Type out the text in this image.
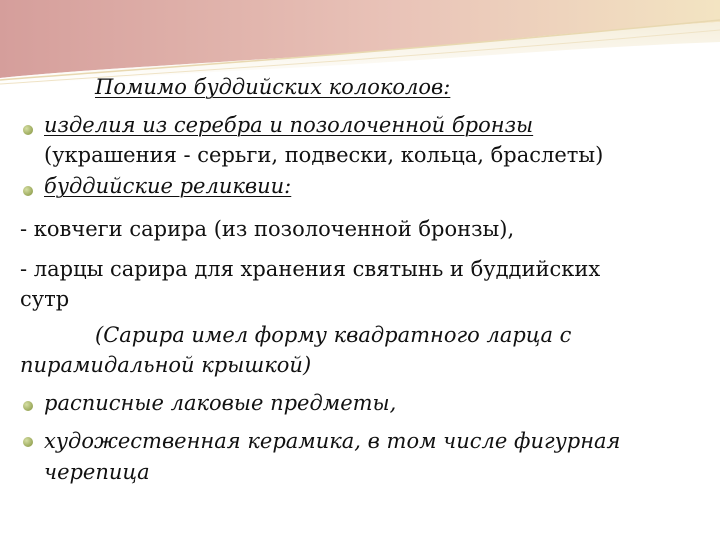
Помимо буддийских колоколов:
изделия из серебра и позолоченной бронзы
(украшения - серьги, подвески, кольца, браслеты)
буддийские реликвии:
- ковчеги сарира (из позолоченной бронзы),
- ларцы сарира для хранения святынь и буддийских
сутр
(Сарира имел форму квадратного ларца с
пирамидальной крышкой)
расписные лаковые предметы,
художественная керамика, в том числе фигурная
черепица
